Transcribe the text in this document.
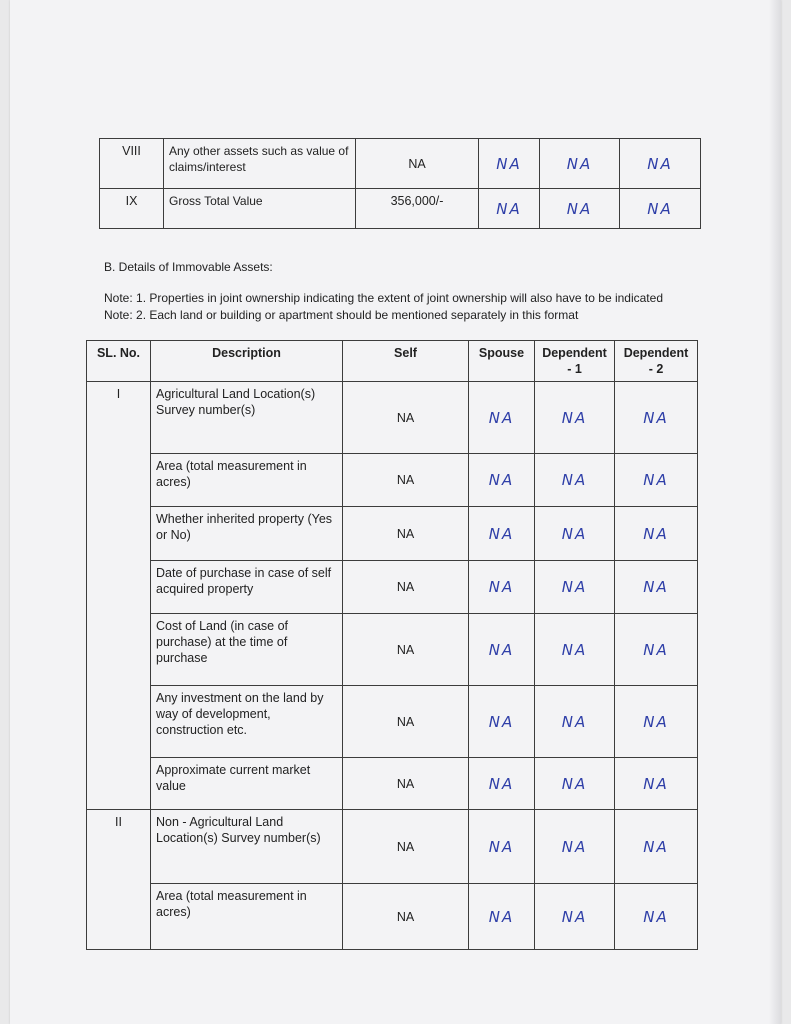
VIII	Any other assets such as value of claims/interest	NA	NA	NA	NA
IX	Gross Total Value	356,000/-	NA	NA	NA
B. Details of Immovable Assets:
Note: 1. Properties in joint ownership indicating the extent of joint ownership will also have to be indicated
Note: 2. Each land or building or apartment should be mentioned separately in this format
SL. No.	Description	Self	Spouse	Dependent - 1	Dependent - 2
I	Agricultural Land Location(s) Survey number(s)	NA	NA	NA	NA
	Area (total measurement in acres)	NA	NA	NA	NA
	Whether inherited property (Yes or No)	NA	NA	NA	NA
	Date of purchase in case of self acquired property	NA	NA	NA	NA
	Cost of Land (in case of purchase) at the time of purchase	NA	NA	NA	NA
	Any investment on the land by way of development, construction etc.	NA	NA	NA	NA
	Approximate current market value	NA	NA	NA	NA
II	Non - Agricultural Land Location(s) Survey number(s)	NA	NA	NA	NA
	Area (total measurement in acres)	NA	NA	NA	NA
